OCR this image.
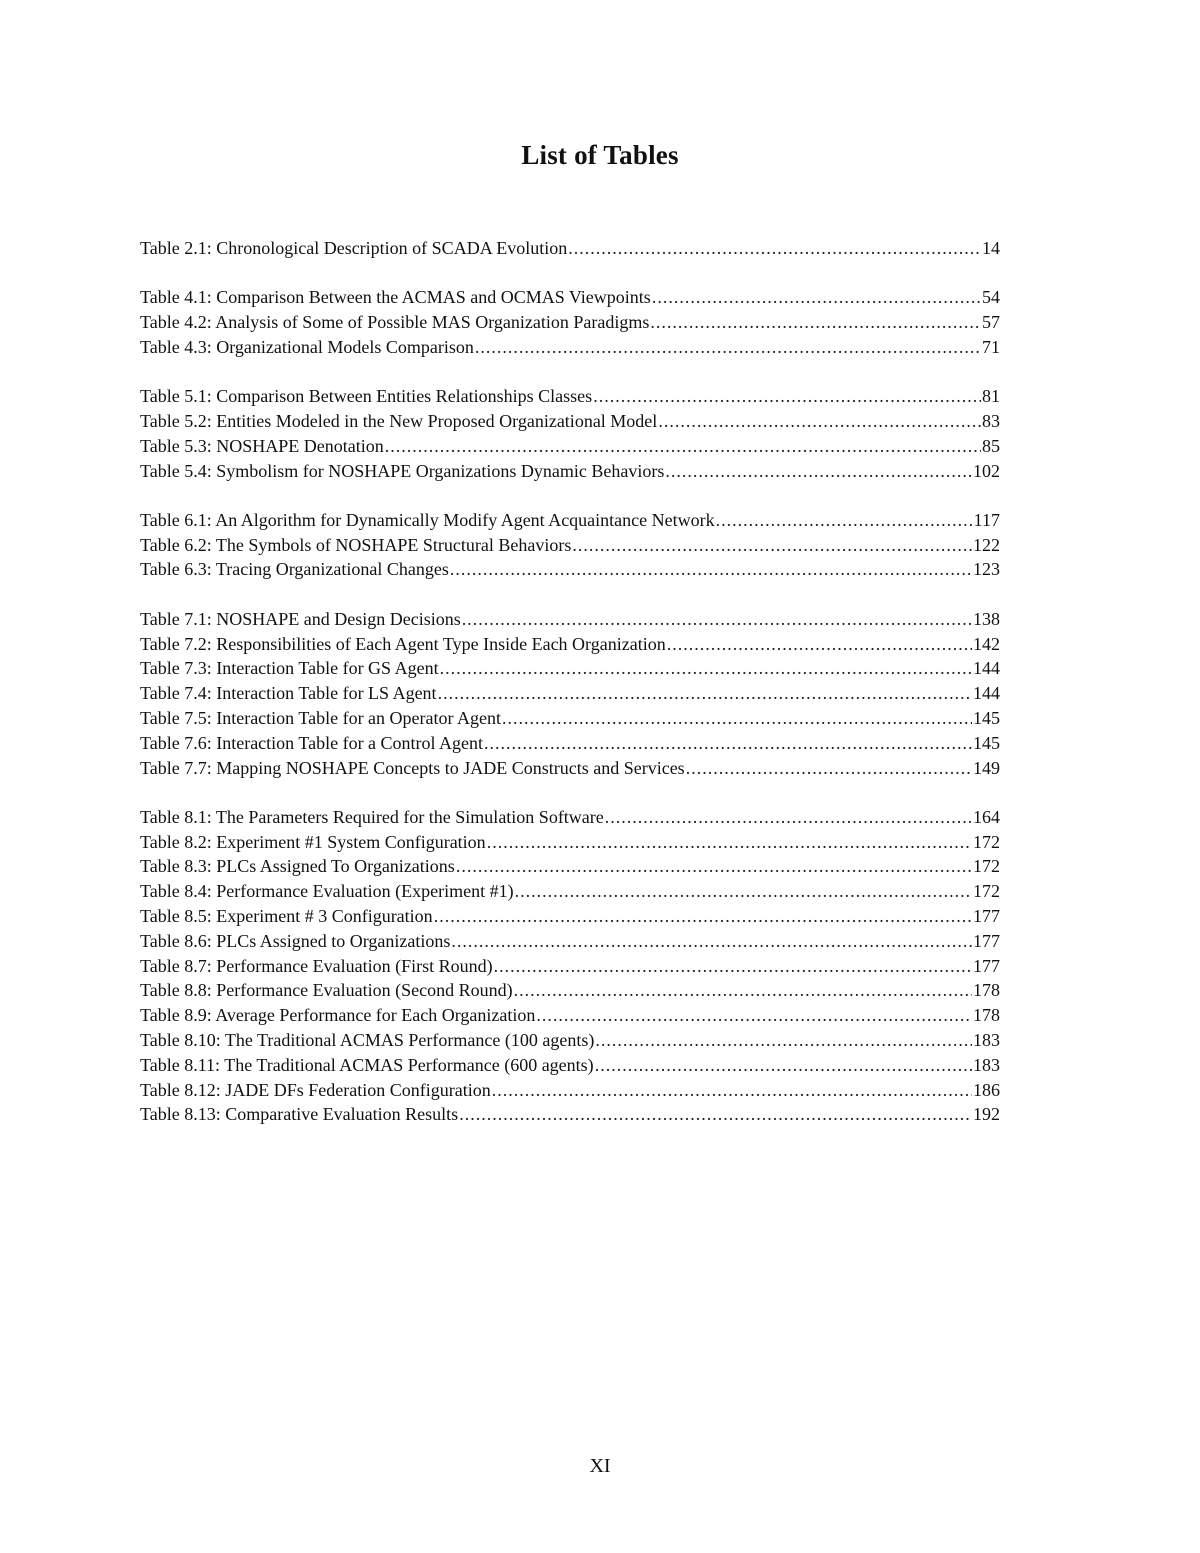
List of Tables
Table 2.1: Chronological Description of SCADA Evolution .....	14
Table 4.1: Comparison Between the ACMAS and OCMAS Viewpoints .....	54
Table 4.2: Analysis of Some of Possible MAS Organization Paradigms .....	57
Table 4.3: Organizational Models Comparison .....	71
Table 5.1: Comparison Between Entities Relationships Classes .....	81
Table 5.2: Entities Modeled in the New Proposed Organizational Model .....	83
Table 5.3: NOSHAPE Denotation .....	85
Table 5.4: Symbolism for NOSHAPE Organizations Dynamic Behaviors .....	102
Table 6.1: An Algorithm for Dynamically Modify Agent Acquaintance Network .....	117
Table 6.2: The Symbols of NOSHAPE Structural Behaviors .....	122
Table 6.3: Tracing Organizational Changes .....	123
Table 7.1: NOSHAPE and Design Decisions .....	138
Table 7.2: Responsibilities of Each Agent Type Inside Each Organization .....	142
Table 7.3: Interaction Table for GS Agent .....	144
Table 7.4: Interaction Table for LS Agent .....	144
Table 7.5: Interaction Table for an Operator Agent .....	145
Table 7.6: Interaction Table for a Control Agent .....	145
Table 7.7: Mapping NOSHAPE Concepts to JADE Constructs and Services .....	149
Table 8.1: The Parameters Required for the Simulation Software .....	164
Table 8.2: Experiment #1 System Configuration .....	172
Table 8.3: PLCs Assigned To Organizations .....	172
Table 8.4: Performance Evaluation (Experiment #1) .....	172
Table 8.5: Experiment # 3 Configuration .....	177
Table 8.6: PLCs Assigned to Organizations .....	177
Table 8.7: Performance Evaluation (First Round) .....	177
Table 8.8: Performance Evaluation (Second Round) .....	178
Table 8.9: Average Performance for Each Organization .....	178
Table 8.10: The Traditional ACMAS Performance (100 agents) .....	183
Table 8.11: The Traditional ACMAS Performance (600 agents) .....	183
Table 8.12: JADE DFs Federation Configuration .....	186
Table 8.13: Comparative Evaluation Results .....	192
XI
